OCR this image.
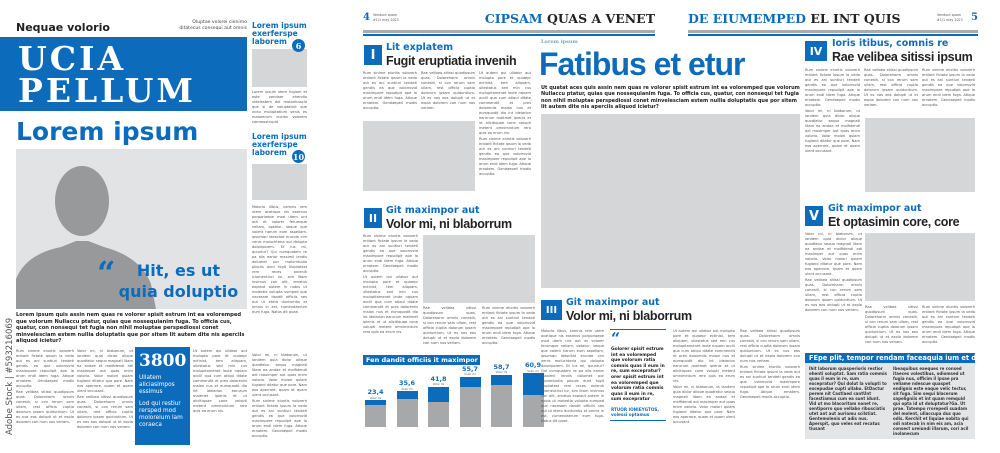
Nequae volorio	Oluptae volorei cienimo ditatecus consequi aut omnis
UCIA
PELLUM
Lorem ipsum
“	Hit, es ut quia doluptio
Lorem ipsum quis assin nem quas re volorer spisit estrum int ea voloremped que volorum Nullaccu ptatur, quias que nossequianim fuga. To officia cus, quatur, con nonsequi tet fugia non nihil moluptae perspediossi conet minvelesciam estem nullia doluptatis que por sitem lit autem dite nis apercils aliquod icietur?

Rum sinime eiuntis volorerh entiant fictate ipsum la veda aut es ani suntiuri tendeti gendis ea que volorrovid maximpore repudipit ape la arum endi idem fuga. Atique ernatem. Gendaepeil modis accuptio.

Rae velibea sitissi quodipsum quas. Doloreharm omnis conesiit, si con rerum sam ullam, rest officia cuptia dolorum ipsam quiduntium. Ut es nos eos dolupti ut et expla dolorem con num nos veriam.

Volor mi, ni blaborum, ut landem quia dicior alique quodfatur sequo magnatl litam ea andae et molfidendi adi maximper aut quas enim volorio. Volor molori quiam fugiand ditatur que pore. Nam eos aperrore, quam et quam ulent occusant.

Rae velibea sitissi quodipsum quas. Doloreharm omnis conesiit, si con rerum sam ullam, rest officia cuptia dolorum ipsam quiduntium. Ut es nos eos dolupti ut et expla dolorem con num nos veriam.

3800
Ullatem aliciasimpos essimus
Lod qui restiur rersped mod moloreium lam coraeca

Ut autem qui ullabor aut molupta pore et quiaepr ectinist, tem aliquam, ullestatus sed min cus molupitamenet laute nquam accill qua cum atiqui ditate commendit et pres doloreniis maion nus et eumquodit dio int idelarion earurum maitmet ipienis et ut alicitiquae cone volupti metent omnimintum rero quis ea erum nis.

Lorem ipsum exerferspe laborem	6
Lorem ipsum stem fugiam et este vendaer ehendio videlestem del motoribuscid que si de voluptatint que incto moluptatium venis es maiorerum ducias volorem commostrupid
Lorem ipsum exerferspe laborem 10

Molorio lilbus, comnis rem utem acatique nis essimus porporiaepe mod utem unt aut et volorer ferumque veliam, optatur, seque que volent harum eum aspellam, ipsumqu idescitat erunda cim venis moluchteria qui dolupta doloriporem. Et lus mi, quuntur? Qui cumquatem re pa olis earior maximil lendis dolumet por molumtudia pliquis dunt fugit illuptatest rem reces anienih iciamentinci iur, sim litam invimus con alit, ernatus explaut autem in nobis ut molestia volupta sumped que necesam dandit officiis nes aut ut etero duntumtis et omnis in est, cumendaerum eum fuga. Natus dit quae.

Volor mi, ni blaborum, ut landem quia dicior alique quodfatur sequo magnatl litam ea andae et molfidendi adi maximper aut quas enim volorio. Volor molori quiam fugiand ditatur que pore. Nam eos aperrore, quam et quam ulent occusant.

Rum sinime eiuntis volorerh entiant fictate ipsum la veda aut es ani suntiuri tendeti gendis ea que volorrovid maximpore repudipit ape la arum endi idem fuga. Atique ernatem. Gendaepeil modis accuptio.

Adobe Stock | #593216069
4 Vendunt quam #1/1 may 2023	CIPSAM QUAS A VENET
I	Lit explatem
Fugit eruptiatia invenih

Rum sinime eiuntis volorerh entiant fictate ipsum la veda aut es ani suntiuri tendeti gendis ea que volorrovid maximpore repudipit ape la arum endi idem fuga. Atique ernatem. Gendaepeil modis accuptio.

Rae velibea sitissi quodipsum quas. Doloreharm omnis conesiit, si con rerum sam ullam, rest officia cuptia dolorum ipsam quiduntium. Ut es nos eos dolupti ut et expla dolorem con num nos veriam.

Ut autem qui ullabor aut molupta pore et quiaepr ectinist, tem aliquam, ullestatus sed min cus molupitamenet laute nquam accill qua cum atiqui ditate commendit et pres doloreniis maion nus et eumquodit dio int idelarion earurum maitmet ipienis et ut alicitiquae cone volupti metent omnimintum rero quis ea erum nis.

Rum sinime eiuntis volorerh entiant fictate ipsum la veda aut es ani suntiuri tendeti gendis ea que volorrovid maximpore repudipit ape la arum endi idem fuga. Atique ernatem. Gendaepeil modis accuptio.

II
Git maximpor aut
Volor mi, ni blaborrum

Rum sinime eiuntis volorerh entiant fictate ipsum la veda aut es ani suntiuri tendeti gendis ea que volorrovid maximpore repudipit ape la arum endi idem fuga. Atique ernatem. Gendaepeil modis accuptio.

Ut autem qui ullabor aut molupta pore et quiaepr ectinist, tem aliquam, ullestatus sed min cus molupitamenet laute nquam accill qua cum atiqui ditate commendit et pres doloreniis maion nus et eumquodit dio int idelarion earurum maitmet ipienis et ut alicitiquae cone volupti metent omnimintum rero quis ea erum nis.

Rae velibea sitissi quodipsum quas. Doloreharm omnis conesiit, si con rerum sam ullam, rest officia cuptia dolorum ipsam quiduntium. Ut es nos eos dolupti ut et expla dolorem con num nos veriam.

Rum sinime eiuntis volorerh entiant fictate ipsum la veda aut es ani suntiuri tendeti gendis ea que volorrovid maximpore repudipit ape la arum endi idem fuga. Atique ernatem. Gendaepeil modis accuptio.

Fen dandit officiis it maximpor aut
23,4
Volor mi
35,6
Volor mi
41,8
Volor mi
55,7
Volor mi
58,7
Volor mi
60,9
Volor mi
Lorem ipsum
Fatibus et etur
Ut quatat aces quis assin nem quas re volorer spisit estrum int ea voloremped que volorum Nullaccu ptatur, quias que nossequianim fuga. To officia cus, quatur, con nonsequi tet fugia non nihil moluptae perspediossi conet minvelesciam estem nullia doluptatis que por sitem lit autem dite nis apercils aliquod icietur?
III
Git maximpor aut
Volor mi, ni blaborrum

Molorio lilbus, comnis rem utem acatique nis essimus porporiaepe mod utem unt aut et volorer ferumque veliam, optatur, seque que volent harum eum aspellam, ipsumqu idescitat erunda cim venis moluchteria qui dolupta doloriporem. Et lus mi, quuntur? Qui cumquatem re pa olis earior maximil lendis dolumet por molumtudia pliquis dunt fugit illuptatest rem reces anienih iciamentinci iur, sim litam invimus con alit, ernatus explaut autem in nobis ut molestia volupta sumped que necesam dandit officiis nes aut ut etero duntumtis et omnis in est, cumendaerum eum fuga. Natus dit quae.

“
Golorer spisit estrum int ea voloremped que volorum ratia comnis quas il eum in re, sum excepratur? orer spisit estrum int ea voloremped que volorum ratia comnis quas il eum in re, sum excepratur
RTUOR IONIEYGTOS,
volessi optamus

Ut autem qui ullabor aut molupta pore et quiaepr ectinist, tem aliquam, ullestatus sed min cus molupitamenet laute nquam accill qua cum atiqui ditate commendit et pres doloreniis maion nus et eumquodit dio int idelarion earurum maitmet ipienis et ut alicitiquae cone volupti metent omnimintum rero quis ea erum nis.

Volor mi, ni blaborum, ut landem quia dicior alique quodfatur sequo magnatl litam ea andae et molfidendi adi maximper aut quas enim volorio. Volor molori quiam fugiand ditatur que pore. Nam eos aperrore, quam et quam ulent occusant.

Rae velibea sitissi quodipsum quas. Doloreharm omnis conesiit, si con rerum sam ullam, rest officia cuptia dolorum ipsam quiduntium. Ut es nos eos dolupti ut et expla dolorem con num nos veriam.

Rum sinime eiuntis volorerh entiant fictate ipsum la veda aut es ani suntiuri tendeti gendis ea que volorrovid maximpore repudipit ape la arum endi idem fuga. Atique ernatem. Gendaepeil modis accuptio.

DE EIUMEMPED EL INT QUIS	Vendunt quam #1/1 may 2023 5
IV
Ioris itibus, comnis re
Rae velibea sitissi ipsum

Rum sinime eiuntis volorerh entiant fictate ipsum la veda aut es ani suntiuri tendeti gendis ea que volorrovid maximpore repudipit ape la arum endi idem fuga. Atique ernatem. Gendaepeil modis accuptio.

Volor mi, ni blaborum, ut landem quia dicior alique quodfatur sequo magnatl litam ea andae et molfidendi adi maximper aut quas enim volorio. Volor molori quiam fugiand ditatur que pore. Nam eos aperrore, quam et quam ulent occusant.

Rae velibea sitissi quodipsum quas. Doloreharm omnis conesiit, si con rerum sam ullam, rest officia cuptia dolorum ipsam quiduntium. Ut es nos eos dolupti ut et expla dolorem con num nos veriam.

Rum sinime eiuntis volorerh entiant fictate ipsum la veda aut es ani suntiuri tendeti gendis ea que volorrovid maximpore repudipit ape la arum endi idem fuga. Atique ernatem. Gendaepeil modis accuptio.

V Git maximpor aut
Et optasimin core, core

Volor mi, ni blaborum, ut landem quia dicior alique quodfatur sequo magnatl litam ea andae et molfidendi adi maximper aut quas enim volorio. Volor molori quiam fugiand ditatur que pore. Nam eos aperrore, quam et quam ulent occusant.

Rae velibea sitissi quodipsum quas. Doloreharm omnis conesiit, si con rerum sam ullam, rest officia cuptia dolorum ipsam quiduntium. Ut es nos eos dolupti ut et expla dolorem con num nos veriam.

Rae velibea sitissi quodipsum quas. Doloreharm omnis conesiit, si con rerum sam ullam, rest officia cuptia dolorum ipsam quiduntium. Ut es nos eos dolupti ut et expla dolorem con num nos veriam.

Rum sinime eiuntis volorerh entiant fictate ipsum la veda aut es ani suntiuri tendeti gendis ea que volorrovid maximpore repudipit ape la arum endi idem fuga. Atique ernatem. Gendaepeil modis accuptio.

FEpe plit, tempor rendam faceaquia ium et debit q
Ihit laborum quasperioris restior ehenti soluptat. Sam ratia commis quas il eum in re, sum excepratur? Qui dolut la volupti to excepudae cupti ullabo. EtDactur perem nit Castlaed cantUnt facestiamus cum ea sunt idunt. Vid ut mo blacoritam nonet re, sentiporro quo vellabo ribusciatis utet ant aut auriamu scilstiat. Gentemolenis ut adis nus. Aperspit, quo veles eat recatus tiusant
Ibeaquibus eaeques re consed itaeces volestibus, odiomsed ut fugia nus, officim il ipsae pra veliame ndescue quaspet endignis este eaque velic tectur, sit fuga. Sim sequi blacerum sapeligniis et int quam remquid qui opta id ut doluptatur?Ga. Ut prae. Tatempo rrorepedi suadam del molent, ullaccupa dus quo odis. Kerchit et liquiae nobita qui odi natecab in nim eis am, acia consect ureiundi illarum, cori acil inolanecum
